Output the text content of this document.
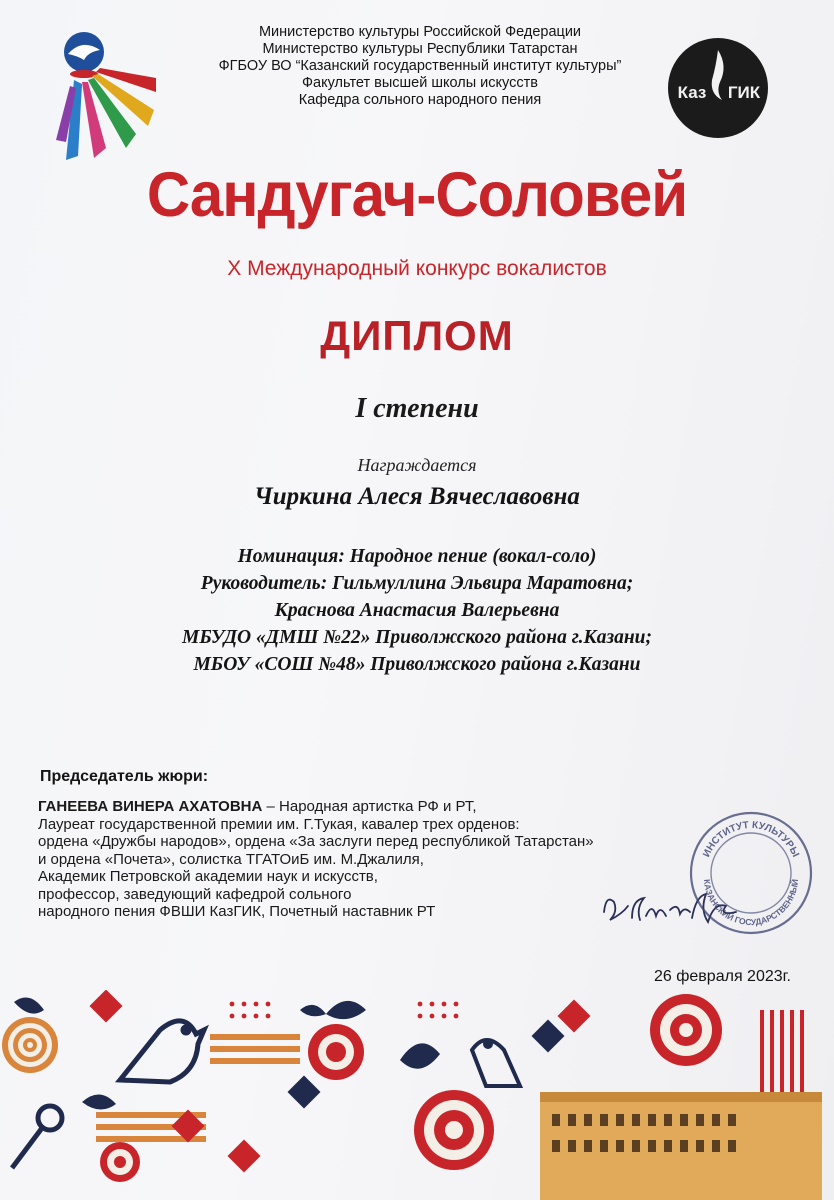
Министерство культуры Российской Федерации
Министерство культуры Республики Татарстан
ФГБОУ ВО “Казанский государственный институт культуры”
Факультет высшей школы искусств
Кафедра сольного народного пения	Каз ГИК
Сандугач-Соловей
X Международный конкурс вокалистов
ДИПЛОМ
I степени
Награждается
Чиркина Алеся Вячеславовна
Номинация: Народное пение (вокал-соло)
Руководитель: Гильмуллина Эльвира Маратовна;
Краснова Анастасия Валерьевна
МБУДО «ДМШ №22» Приволжского района г.Казани;
МБОУ «СОШ №48» Приволжского района г.Казани
Председатель жюри:
ГАНЕЕВА ВИНЕРА АХАТОВНА – Народная артистка РФ и РТ,
Лауреат государственной премии им. Г.Тукая, кавалер трех орденов:
ордена «Дружбы народов», ордена «За заслуги перед республикой Татарстан»
и ордена «Почета», солистка ТГАТОиБ им. М.Джалиля,
Академик Петровской академии наук и искусств,
профессор, заведующий кафедрой сольного
народного пения ФВШИ КазГИК, Почетный наставник РТ
ИНСТИТУТ КУЛЬТУРЫ
КАЗАНСКИЙ ГОСУДАРСТВЕННЫЙ
26 февраля 2023г.
